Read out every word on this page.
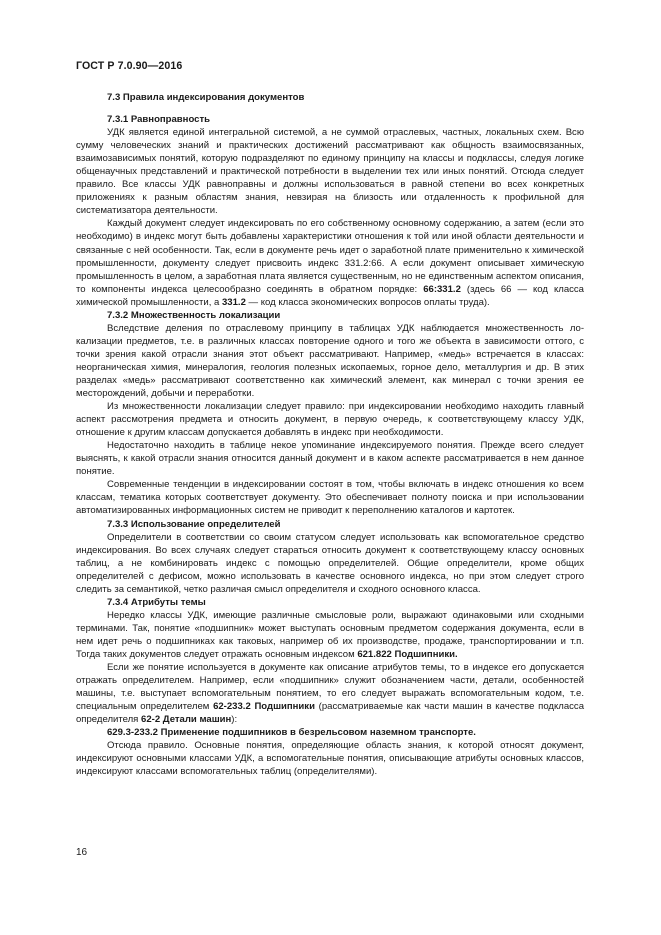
ГОСТ Р 7.0.90—2016

7.3 Правила индексирования документов

7.3.1 Равноправность

УДК является единой интегральной системой, а не суммой отраслевых, частных, локальных схем. Всю сумму человеческих знаний и практических достижений рассматривают как общность взаимосвязанных, взаимозависимых понятий, которую подразделяют по единому принципу на классы и подклассы, следуя логике общенаучных представлений и практической потребности в выделении тех или иных понятий. Отсюда следует правило. Все классы УДК равноправны и должны использоваться в равной степени во всех конкретных приложениях к разным областям знания, невзирая на близость или отдаленность к профильной для систематизатора деятельности.

Каждый документ следует индексировать по его собственному основному содержанию, а затем (если это необходимо) в индекс могут быть добавлены характеристики отношения к той или иной области деятельности и связанные с ней особенности. Так, если в документе речь идет о заработной плате применительно к химической промышленности, документу следует присвоить индекс 331.2:66. А если документ описывает химическую промышленность в целом, а заработная плата является существенным, но не единственным аспектом описания, то компоненты индекса целесообразно соединять в обратном порядке: 66:331.2 (здесь 66 — код класса химической промышленности, а 331.2 — код класса экономических вопросов оплаты труда).

7.3.2 Множественность локализации

Вследствие деления по отраслевому принципу в таблицах УДК наблюдается множественность локализации предметов, т.е. в различных классах повторение одного и того же объекта в зависимости оттого, с точки зрения какой отрасли знания этот объект рассматривают. Например, «медь» встречается в классах: неорганическая химия, минералогия, геология полезных ископаемых, горное дело, металлургия и др. В этих разделах «медь» рассматривают соответственно как химический элемент, как минерал с точки зрения ее месторождений, добычи и переработки.

Из множественности локализации следует правило: при индексировании необходимо находить главный аспект рассмотрения предмета и относить документ, в первую очередь, к соответствующему классу УДК, отношение к другим классам допускается добавлять в индекс при необходимости.

Недостаточно находить в таблице некое упоминание индексируемого понятия. Прежде всего следует выяснять, к какой отрасли знания относится данный документ и в каком аспекте рассматривается в нем данное понятие.

Современные тенденции в индексировании состоят в том, чтобы включать в индекс отношения ко всем классам, тематика которых соответствует документу. Это обеспечивает полноту поиска и при использовании автоматизированных информационных систем не приводит к переполнению каталогов и картотек.

7.3.3 Использование определителей

Определители в соответствии со своим статусом следует использовать как вспомогательное средство индексирования. Во всех случаях следует стараться относить документ к соответствующему классу основных таблиц, а не комбинировать индекс с помощью определителей. Общие определители, кроме общих определителей с дефисом, можно использовать в качестве основного индекса, но при этом следует строго следить за семантикой, четко различая смысл определителя и сходного основного класса.

7.3.4 Атрибуты темы

Нередко классы УДК, имеющие различные смысловые роли, выражают одинаковыми или сходными терминами. Так, понятие «подшипник» может выступать основным предметом содержания документа, если в нем идет речь о подшипниках как таковых, например об их производстве, продаже, транспортировании и т.п. Тогда таких документов следует отражать основным индексом 621.822 Подшипники.

Если же понятие используется в документе как описание атрибутов темы, то в индексе его допускается отражать определителем. Например, если «подшипник» служит обозначением части, детали, особенностей машины, т.е. выступает вспомогательным понятием, то его следует выражать вспомогательным кодом, т.е. специальным определителем 62-233.2 Подшипники (рассматриваемые как части машин в качестве подкласса определителя 62-2 Детали машин):

629.3-233.2 Применение подшипников в безрельсовом наземном транспорте.

Отсюда правило. Основные понятия, определяющие область знания, к которой относят документ, индексируют основными классами УДК, а вспомогательные понятия, описывающие атрибуты основных классов, индексируют классами вспомогательных таблиц (определителями).

16
